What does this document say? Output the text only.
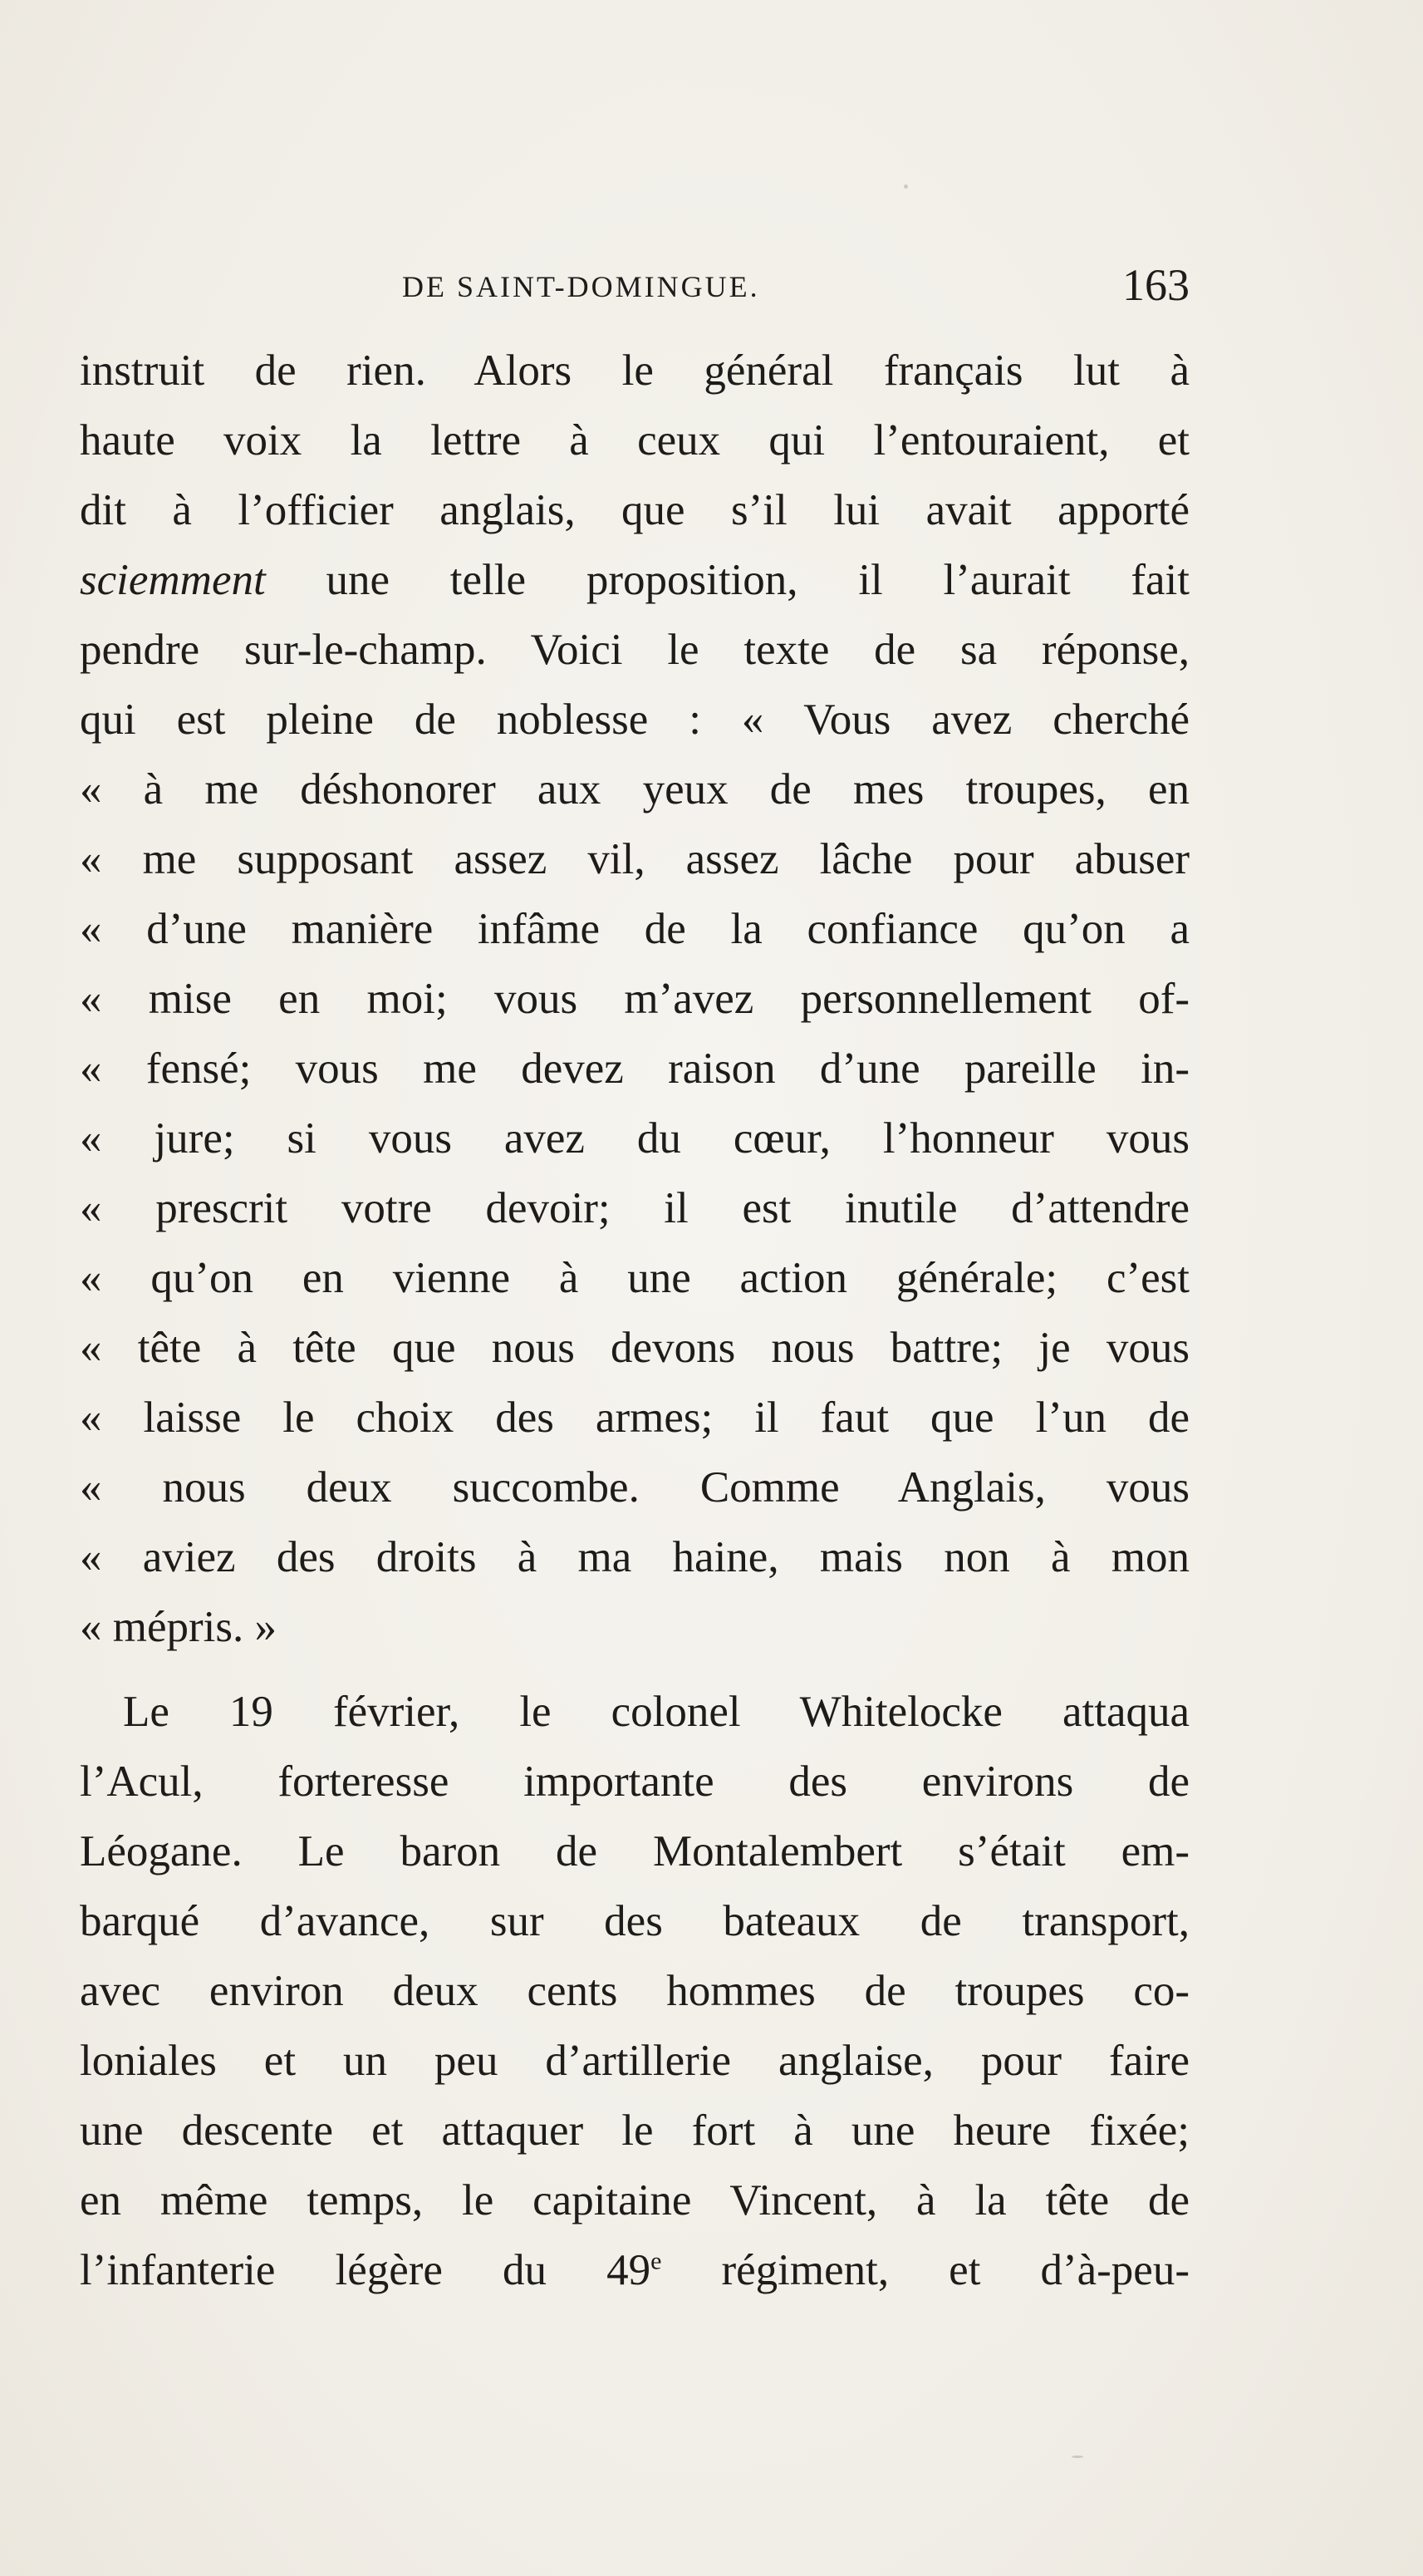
DE SAINT-DOMINGUE.	163
instruit de rien. Alors le général français lut à
haute voix la lettre à ceux qui l’entouraient, et
dit à l’officier anglais, que s’il lui avait apporté
sciemment une telle proposition, il l’aurait fait
pendre sur-le-champ. Voici le texte de sa réponse,
qui est pleine de noblesse : « Vous avez cherché
« à me déshonorer aux yeux de mes troupes, en
« me supposant assez vil, assez lâche pour abuser
« d’une manière infâme de la confiance qu’on a
« mise en moi; vous m’avez personnellement of-
« fensé; vous me devez raison d’une pareille in-
« jure; si vous avez du cœur, l’honneur vous
« prescrit votre devoir; il est inutile d’attendre
« qu’on en vienne à une action générale; c’est
« tête à tête que nous devons nous battre; je vous
« laisse le choix des armes; il faut que l’un de
« nous deux succombe. Comme Anglais, vous
« aviez des droits à ma haine, mais non à mon
« mépris. »
Le 19 février, le colonel Whitelocke attaqua
l’Acul, forteresse importante des environs de
Léogane. Le baron de Montalembert s’était em-
barqué d’avance, sur des bateaux de transport,
avec environ deux cents hommes de troupes co-
loniales et un peu d’artillerie anglaise, pour faire
une descente et attaquer le fort à une heure fixée;
en même temps, le capitaine Vincent, à la tête de
l’infanterie légère du 49e régiment, et d’à-peu-
